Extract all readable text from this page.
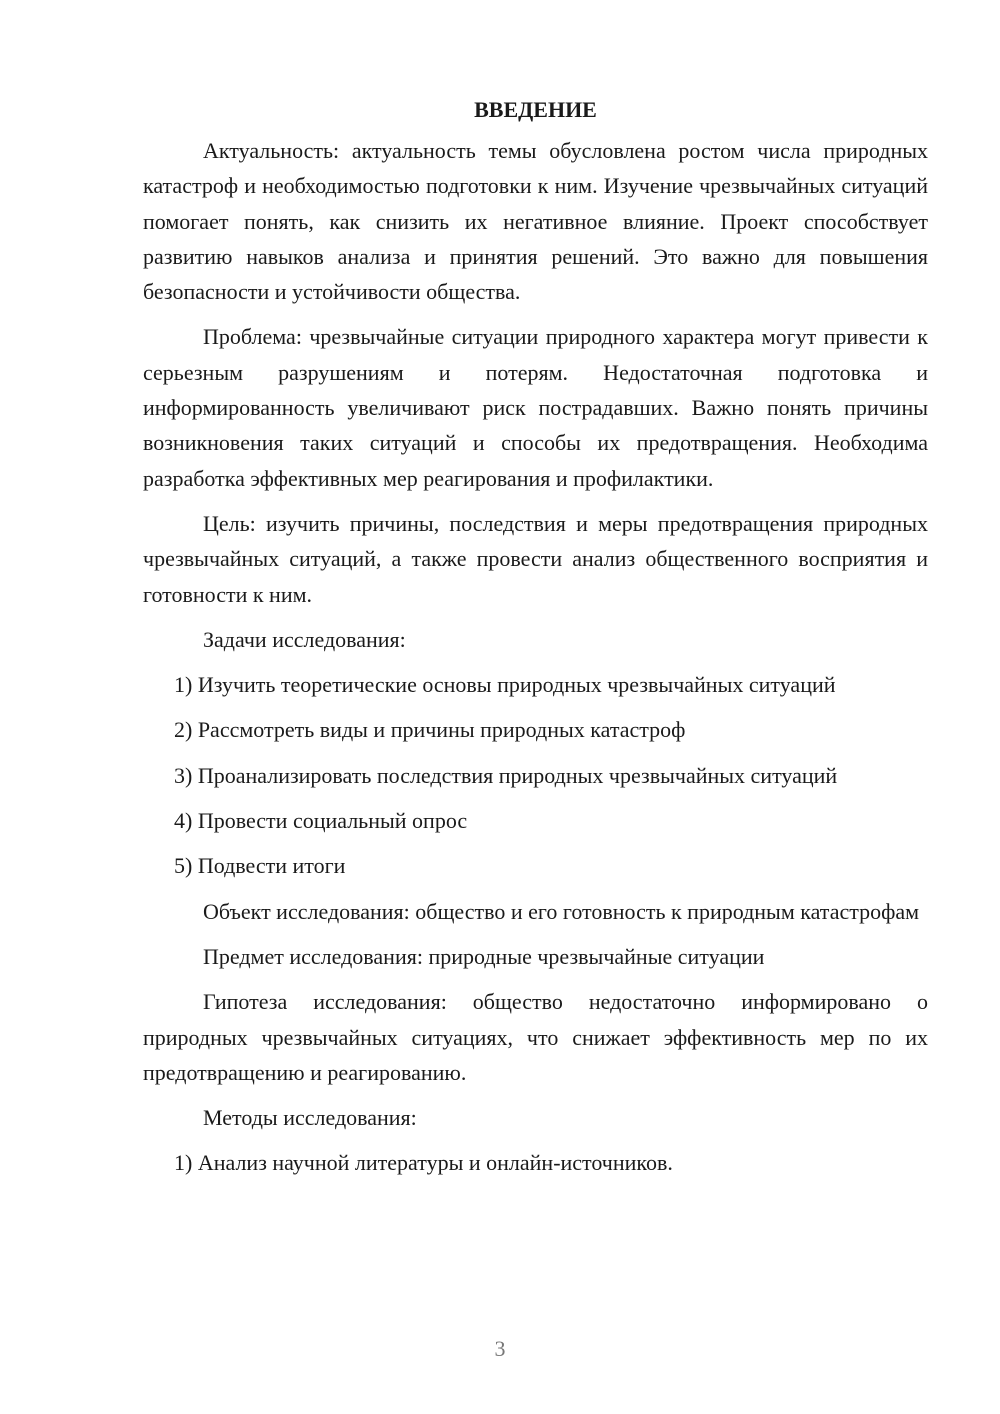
ВВЕДЕНИЕ

Актуальность: актуальность темы обусловлена ростом числа природных катастроф и необходимостью подготовки к ним. Изучение чрезвычайных ситуаций помогает понять, как снизить их негативное влияние. Проект способствует развитию навыков анализа и принятия решений. Это важно для повышения безопасности и устойчивости общества.

Проблема: чрезвычайные ситуации природного характера могут привести к серьезным разрушениям и потерям. Недостаточная подготовка и информированность увеличивают риск пострадавших. Важно понять причины возникновения таких ситуаций и способы их предотвращения. Необходима разработка эффективных мер реагирования и профилактики.

Цель: изучить причины, последствия и меры предотвращения природных чрезвычайных ситуаций, а также провести анализ общественного восприятия и готовности к ним.

Задачи исследования:

1) Изучить теоретические основы природных чрезвычайных ситуаций

2) Рассмотреть виды и причины природных катастроф

3) Проанализировать последствия природных чрезвычайных ситуаций

4) Провести социальный опрос

5) Подвести итоги

Объект исследования: общество и его готовность к природным катастрофам

Предмет исследования: природные чрезвычайные ситуации

Гипотеза исследования: общество недостаточно информировано о природных чрезвычайных ситуациях, что снижает эффективность мер по их предотвращению и реагированию.

Методы исследования:

1) Анализ научной литературы и онлайн-источников.

3
